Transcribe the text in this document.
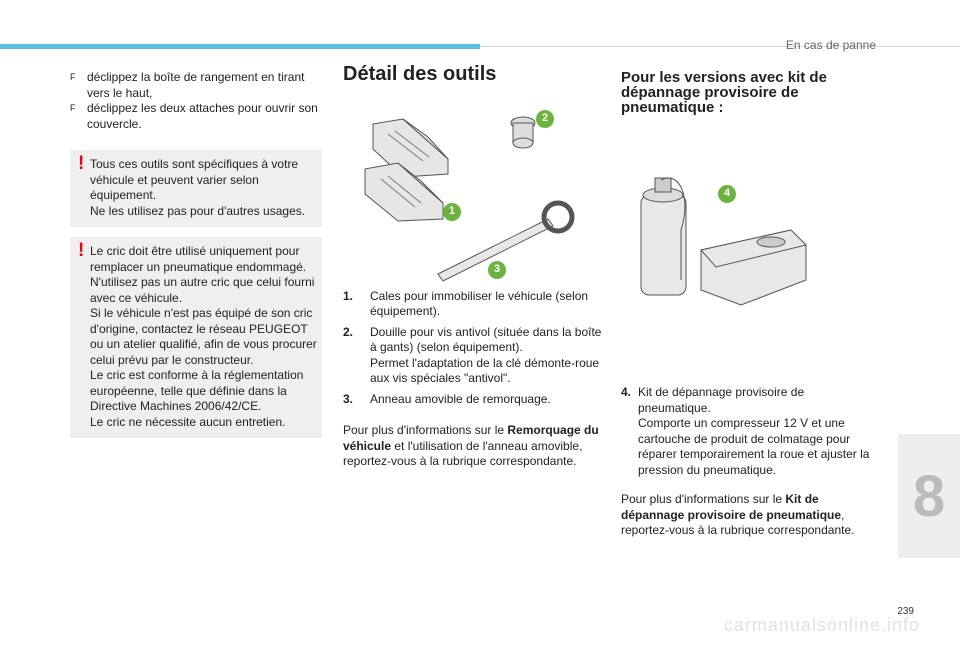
En cas de panne
F déclippez la boîte de rangement en tirant vers le haut,
F déclippez les deux attaches pour ouvrir son couvercle.
! Tous ces outils sont spécifiques à votre véhicule et peuvent varier selon équipement.
Ne les utilisez pas pour d'autres usages.
! Le cric doit être utilisé uniquement pour remplacer un pneumatique endommagé.
N'utilisez pas un autre cric que celui fourni avec ce véhicule.
Si le véhicule n'est pas équipé de son cric d'origine, contactez le réseau PEUGEOT ou un atelier qualifié, afin de vous procurer celui prévu par le constructeur.
Le cric est conforme à la réglementation européenne, telle que définie dans la Directive Machines 2006/42/CE.
Le cric ne nécessite aucun entretien.
Détail des outils
2
1
3
1.	Cales pour immobiliser le véhicule (selon équipement).
2.	Douille pour vis antivol (située dans la boîte à gants) (selon équipement).
Permet l'adaptation de la clé démonte-roue aux vis spéciales "antivol".
3.	Anneau amovible de remorquage.
Pour plus d'informations sur le Remorquage du véhicule et l'utilisation de l'anneau amovible, reportez-vous à la rubrique correspondante.
Pour les versions avec kit de dépannage provisoire de pneumatique :
4
4. Kit de dépannage provisoire de pneumatique.
Comporte un compresseur 12 V et une cartouche de produit de colmatage pour réparer temporairement la roue et ajuster la pression du pneumatique.
Pour plus d'informations sur le Kit de dépannage provisoire de pneumatique, reportez-vous à la rubrique correspondante.
8
239
carmanualsonline.info
